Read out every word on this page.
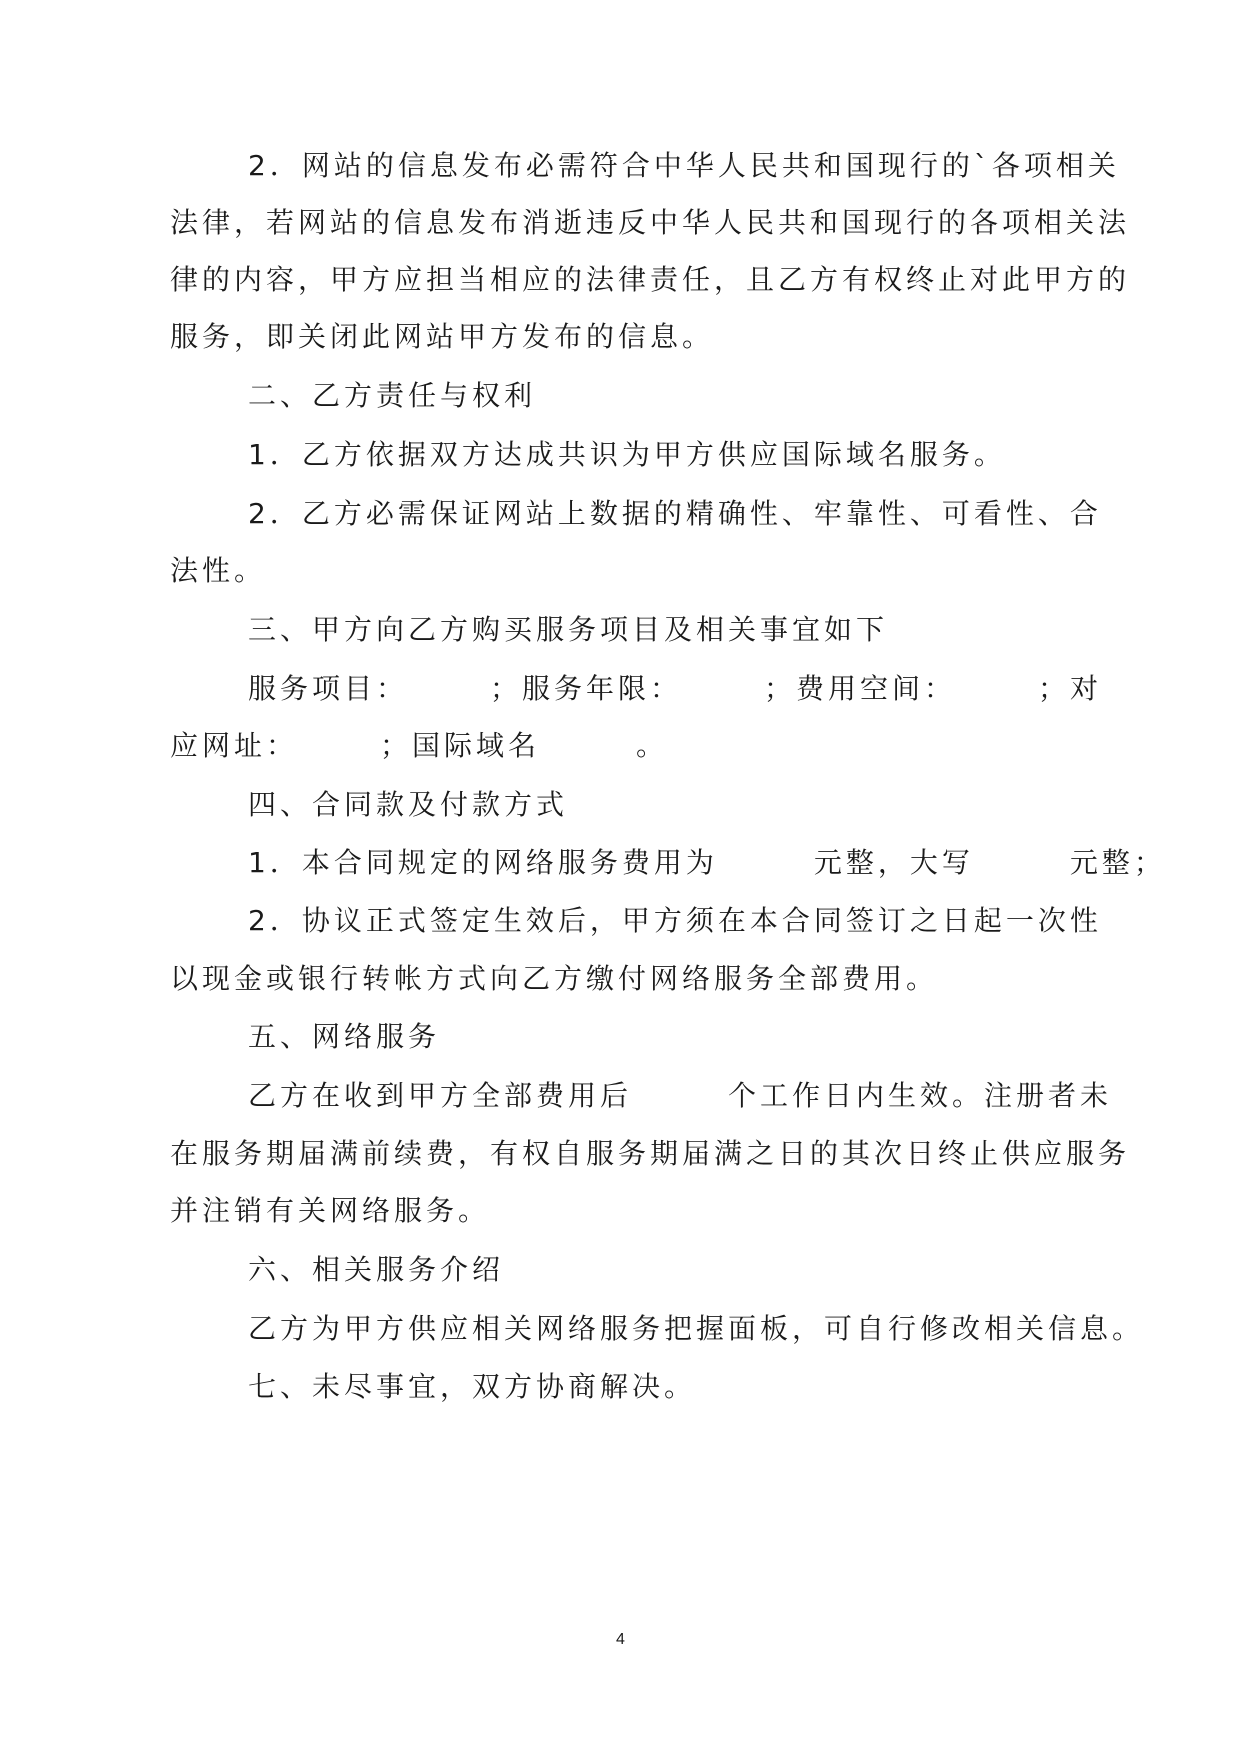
2．网站的信息发布必需符合中华人民共和国现行的`各项相关
法律，若网站的信息发布消逝违反中华人民共和国现行的各项相关法
律的内容，甲方应担当相应的法律责任，且乙方有权终止对此甲方的
服务，即关闭此网站甲方发布的信息。
二、乙方责任与权利
1．乙方依据双方达成共识为甲方供应国际域名服务。
2．乙方必需保证网站上数据的精确性、牢靠性、可看性、合
法性。
三、甲方向乙方购买服务项目及相关事宜如下
服务项目：　　　；服务年限：　　　；费用空间：　　　；对
应网址：　　　；国际域名　　　。
四、合同款及付款方式
1．本合同规定的网络服务费用为　　　元整，大写　　　元整；
2．协议正式签定生效后，甲方须在本合同签订之日起一次性
以现金或银行转帐方式向乙方缴付网络服务全部费用。
五、网络服务
乙方在收到甲方全部费用后　　　个工作日内生效。注册者未
在服务期届满前续费，有权自服务期届满之日的其次日终止供应服务
并注销有关网络服务。
六、相关服务介绍
乙方为甲方供应相关网络服务把握面板，可自行修改相关信息。
七、未尽事宜，双方协商解决。
4
